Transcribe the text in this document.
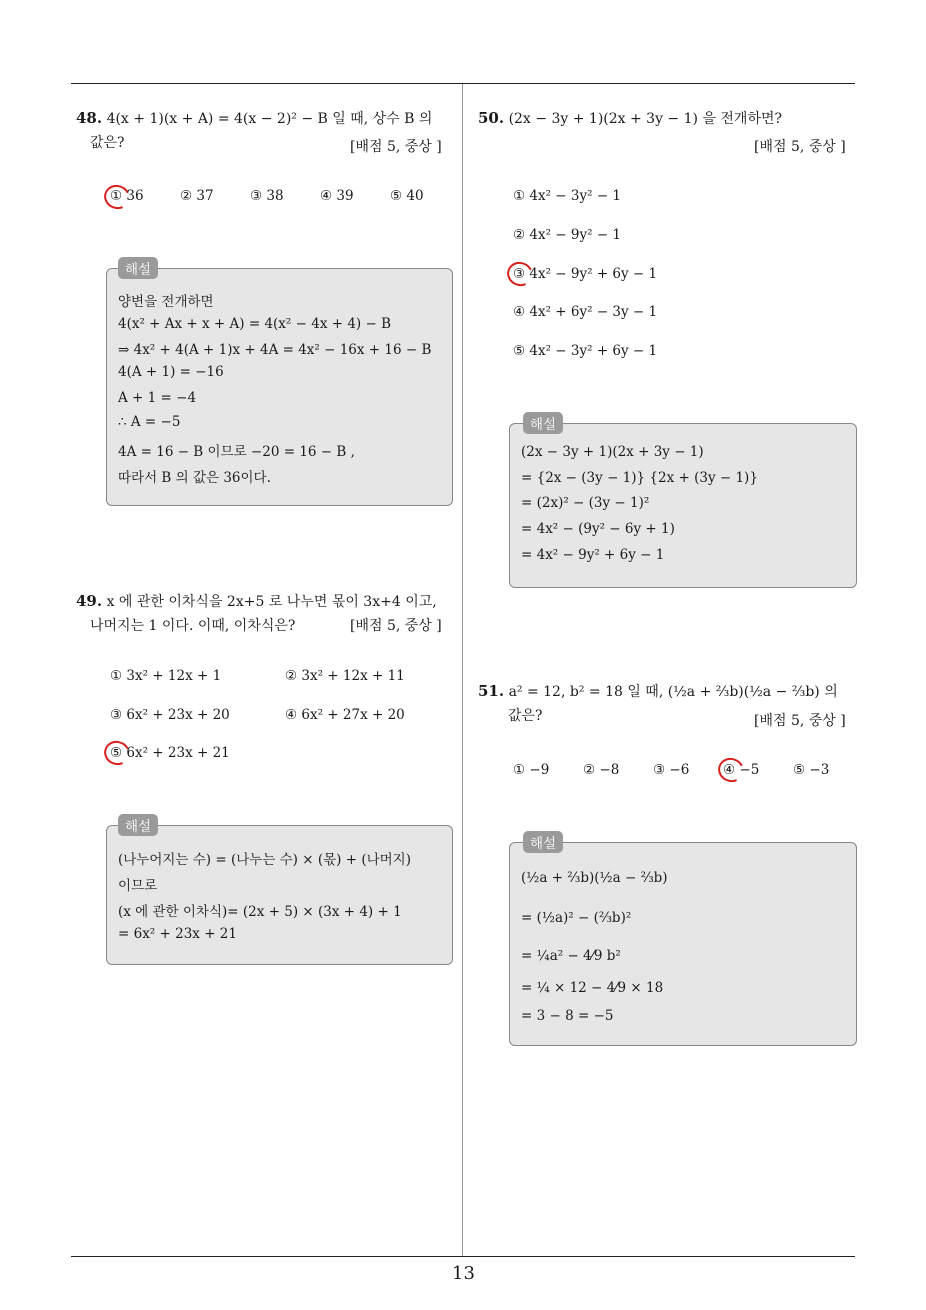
13
48. 4(x + 1)(x + A) = 4(x − 2)² − B 일 때, 상수 B 의
값은?	[배점 5, 중상 ]
① 36	② 37	③ 38	④ 39	⑤ 40
해설
양변을 전개하면
4(x² + Ax + x + A) = 4(x² − 4x + 4) − B
⇒ 4x² + 4(A + 1)x + 4A = 4x² − 16x + 16 − B
4(A + 1) = −16
A + 1 = −4
∴ A = −5
4A = 16 − B 이므로 −20 = 16 − B ,
따라서 B 의 값은 36이다.
49. x 에 관한 이차식을 2x+5 로 나누면 몫이 3x+4 이고,
나머지는 1 이다. 이때, 이차식은?	[배점 5, 중상 ]
① 3x² + 12x + 1	② 3x² + 12x + 11
③ 6x² + 23x + 20	④ 6x² + 27x + 20
⑤ 6x² + 23x + 21
해설
(나누어지는 수) = (나누는 수) × (몫) + (나머지)
이므로
(x 에 관한 이차식)= (2x + 5) × (3x + 4) + 1
= 6x² + 23x + 21
50. (2x − 3y + 1)(2x + 3y − 1) 을 전개하면?
[배점 5, 중상 ]
① 4x² − 3y² − 1
② 4x² − 9y² − 1
③ 4x² − 9y² + 6y − 1
④ 4x² + 6y² − 3y − 1
⑤ 4x² − 3y² + 6y − 1
해설
(2x − 3y + 1)(2x + 3y − 1)
= {2x − (3y − 1)} {2x + (3y − 1)}
= (2x)² − (3y − 1)²
= 4x² − (9y² − 6y + 1)
= 4x² − 9y² + 6y − 1
51. a² = 12, b² = 18 일 때, (½a + ⅔b)(½a − ⅔b) 의
값은?	[배점 5, 중상 ]
① −9 ② −8 ③ −6 ④ −5 ⑤ −3
해설
(½a + ⅔b)(½a − ⅔b)
= (½a)² − (⅔b)²
= ¼a² − 4⁄9 b²
= ¼ × 12 − 4⁄9 × 18
= 3 − 8 = −5
